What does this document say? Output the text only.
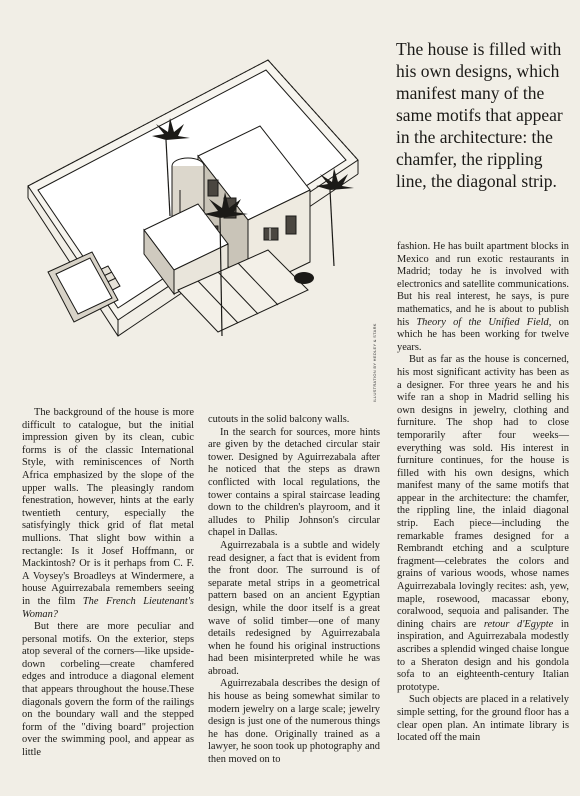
ILLUSTRATION BY HEDLEY & STARK
The house is filled with his own designs, which manifest many of the same motifs that appear in the architecture: the chamfer, the rippling line, the diagonal strip.

The background of the house is more difficult to catalogue, but the initial impression given by its clean, cubic forms is of the classic International Style, with reminiscences of North Africa emphasized by the slope of the upper walls. The pleasingly random fenestration, however, hints at the early twentieth century, especially the satisfyingly thick grid of flat metal mullions. That slight bow within a rectangle: Is it Josef Hoffmann, or Mackintosh? Or is it perhaps from C. F. A Voysey's Broadleys at Windermere, a house Aguirrezabala remembers seeing in the film The French Lieutenant's Woman?

But there are more peculiar and personal motifs. On the exterior, steps atop several of the corners—like upside-down corbeling—create chamfered edges and introduce a diagonal element that appears throughout the house.These diagonals govern the form of the railings on the boundary wall and the stepped form of the "diving board" projection over the swimming pool, and appear as little

cutouts in the solid balcony walls.

In the search for sources, more hints are given by the detached circular stair tower. Designed by Aguirrezabala after he noticed that the steps as drawn conflicted with local regulations, the tower contains a spiral staircase leading down to the children's playroom, and it alludes to Philip Johnson's circular chapel in Dallas.

Aguirrezabala is a subtle and widely read designer, a fact that is evident from the front door. The surround is of separate metal strips in a geometrical pattern based on an ancient Egyptian design, while the door itself is a great wave of solid timber—one of many details redesigned by Aguirrezabala when he found his original instructions had been misinterpreted while he was abroad.

Aguirrezabala describes the design of his house as being somewhat similar to modern jewelry on a large scale; jewelry design is just one of the numerous things he has done. Originally trained as a lawyer, he soon took up photography and then moved on to

fashion. He has built apartment blocks in Mexico and run exotic restaurants in Madrid; today he is involved with electronics and satellite communications. But his real interest, he says, is pure mathematics, and he is about to publish his Theory of the Unified Field, on which he has been working for twelve years.

But as far as the house is concerned, his most significant activity has been as a designer. For three years he and his wife ran a shop in Madrid selling his own designs in jewelry, clothing and furniture. The shop had to close temporarily after four weeks—everything was sold. His interest in furniture continues, for the house is filled with his own designs, which manifest many of the same motifs that appear in the architecture: the chamfer, the rippling line, the inlaid diagonal strip. Each piece—including the remarkable frames designed for a Rembrandt etching and a sculpture fragment—celebrates the colors and grains of various woods, whose names Aguirrezabala lovingly recites: ash, yew, maple, rosewood, macassar ebony, coralwood, sequoia and palisander. The dining chairs are retour d'Egypte in inspiration, and Aguirrezabala modestly ascribes a splendid winged chaise longue to a Sheraton design and his gondola sofa to an eighteenth-century Italian prototype.

Such objects are placed in a relatively simple setting, for the ground floor has a clear open plan. An intimate library is located off the main
